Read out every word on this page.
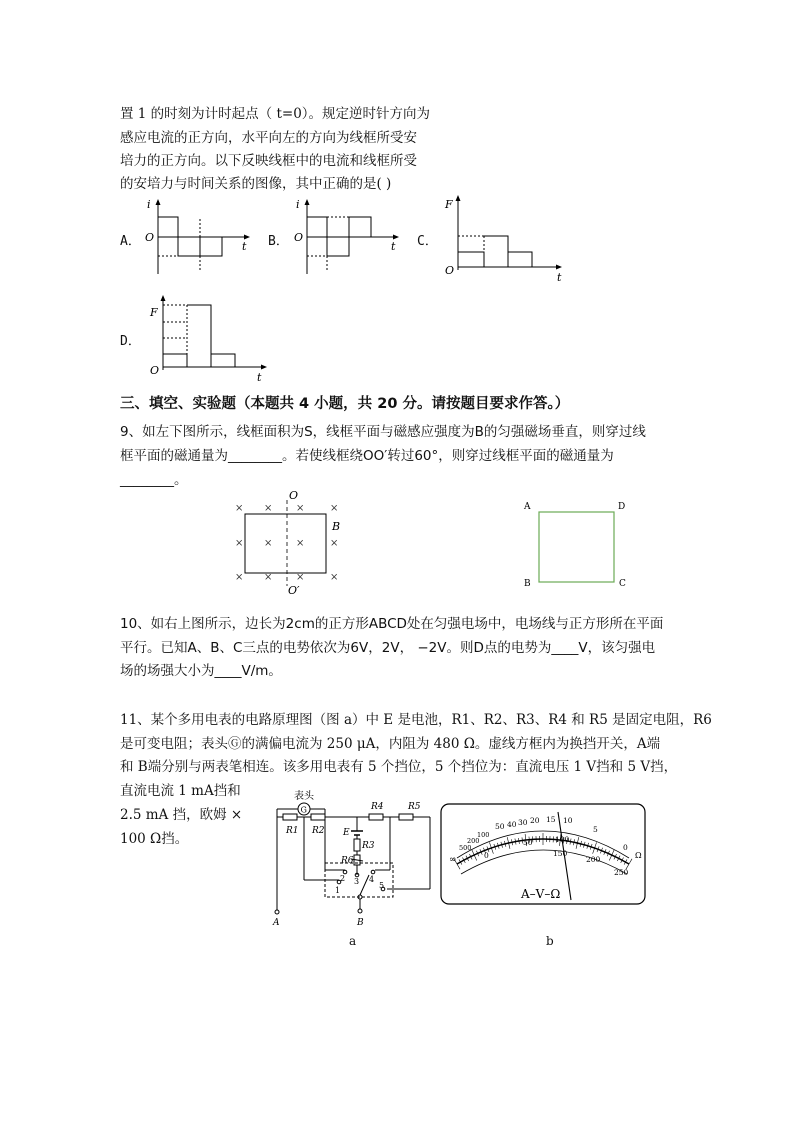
置 1 的时刻为计时起点（ t=0）。规定逆时针方向为
感应电流的正方向，水平向左的方向为线框所受安
培力的正方向。以下反映线框中的电流和线框所受
的安培力与时间关系的图像，其中正确的是( )
A．	B．	C．
D．
i
O
t
i
O
t
F
O
t
F
O
t
三、填空、实验题（本题共 4 小题，共 20 分。请按题目要求作答。）
9、如左下图所示，线框面积为S，线框平面与磁感应强度为B的匀强磁场垂直，则穿过线
框平面的磁通量为________。若使线框绕OO′转过60°，则穿过线框平面的磁通量为
________。
× × ×	×
× × ×	×
× × ×	×
O
O′
B
A	D
B	C
10、如右上图所示，边长为2cm的正方形ABCD处在匀强电场中，电场线与正方形所在平面
平行。已知A、B、C三点的电势依次为6V，2V， −2V。则D点的电势为____V，该匀强电
场的场强大小为____V/m。
11、某个多用电表的电路原理图（图 a）中 E 是电池，R1、R2、R3、R4 和 R5 是固定电阻，R6
是可变电阻；表头Ⓖ的满偏电流为 250 μA，内阻为 480 Ω。虚线方框内为换挡开关，A端
和 B端分别与两表笔相连。该多用电表有 5 个挡位，5 个挡位为：直流电压 1 V挡和 5 V挡，
直流电流 1 mA挡和
2.5 mA 挡，欧姆 ×
100 Ω挡。
表头
G
R1 R2
R4	R5
E
R3
R6
A	B
1
2 3 4
5
500
200
100
50 40 30 20 15 10
5
0
Ω
∞	0
50	100
150
200
250
A–V–Ω
a	b
